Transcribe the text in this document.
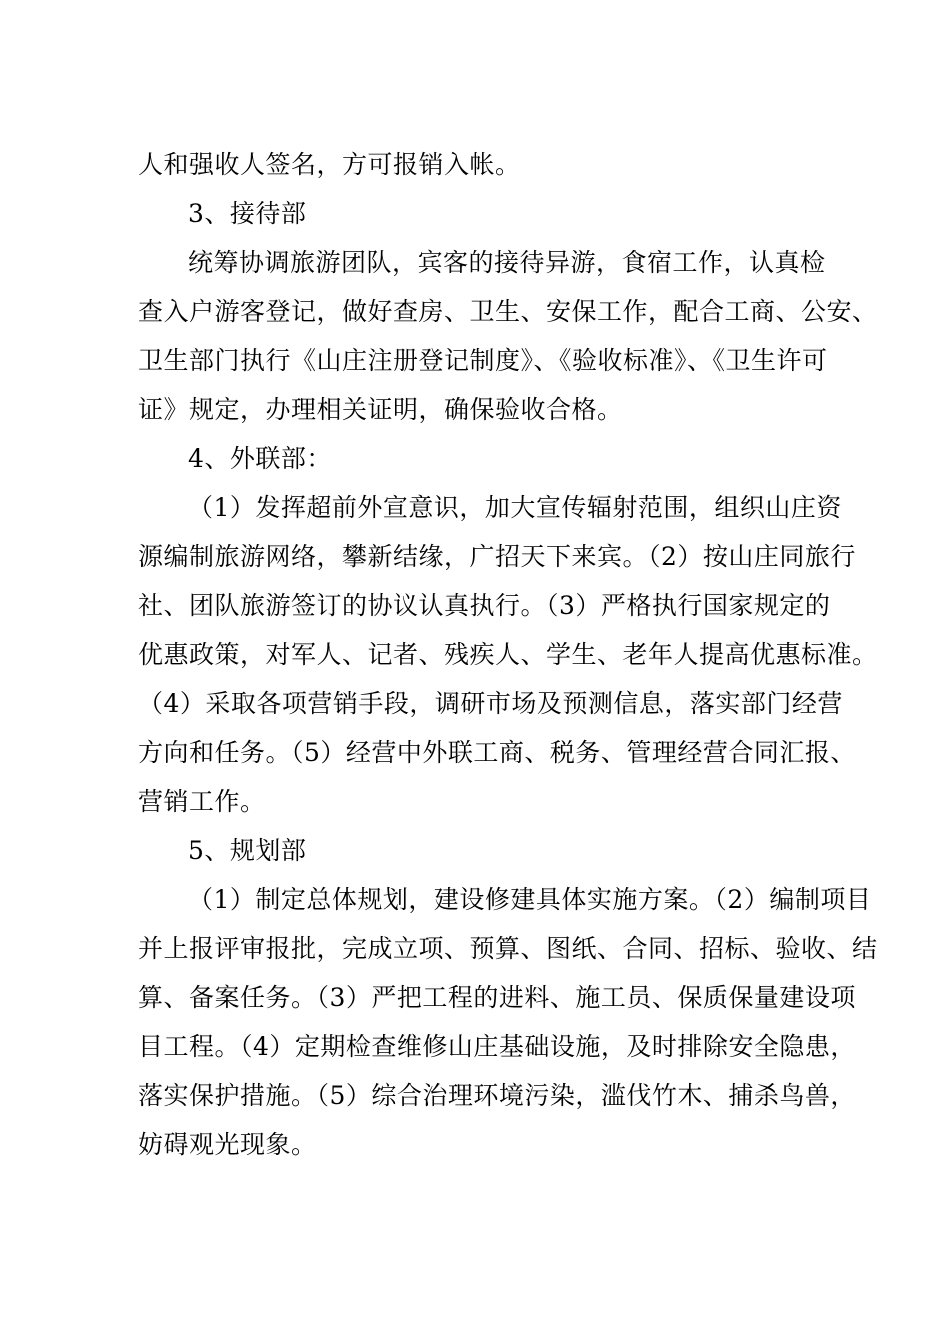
人和强收人签名，方可报销入帐。
3、接待部
统筹协调旅游团队，宾客的接待异游，食宿工作，认真检
查入户游客登记，做好查房、卫生、安保工作，配合工商、公安、
卫生部门执行《山庄注册登记制度》、《验收标准》、《卫生许可
证》规定，办理相关证明，确保验收合格。
4、外联部：
（1）发挥超前外宣意识，加大宣传辐射范围，组织山庄资
源编制旅游网络，攀新结缘，广招天下来宾。（2）按山庄同旅行
社、团队旅游签订的协议认真执行。（3）严格执行国家规定的
优惠政策，对军人、记者、残疾人、学生、老年人提高优惠标准。
（4）采取各项营销手段，调研市场及预测信息，落实部门经营
方向和任务。（5）经营中外联工商、税务、管理经营合同汇报、
营销工作。
5、规划部
（1）制定总体规划，建设修建具体实施方案。（2）编制项目
并上报评审报批，完成立项、预算、图纸、合同、招标、验收、结
算、备案任务。（3）严把工程的进料、施工员、保质保量建设项
目工程。（4）定期检查维修山庄基础设施，及时排除安全隐患，
落实保护措施。（5）综合治理环境污染，滥伐竹木、捕杀鸟兽，
妨碍观光现象。
